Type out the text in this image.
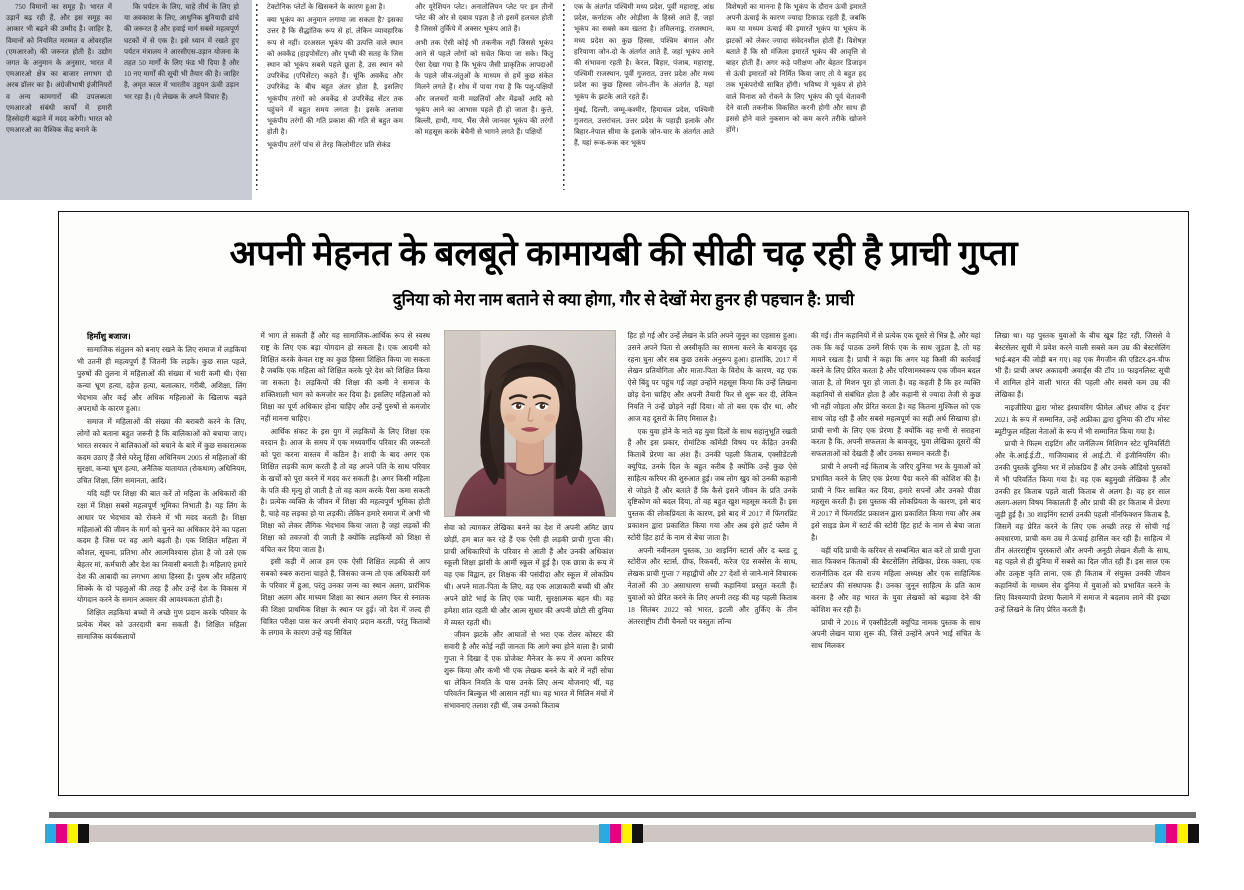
750 विमानों का समूह है। भारत में उड़ानें बढ़ रही हैं, और इस समूह का आकार भी बढ़ने की उम्मीद है। जाहिर है, विमानों को नियमित मरम्मत व ओवरहॉल (एमआरओ) की जरूरत होती है। उद्योग जगत के अनुमान के अनुसार, भारत में एमआरओ क्षेत्र का बाजार लगभग दो अरब डॉलर का है। अंग्रेजीभाषी इंजीनियरों व अन्य कामगारों की उपलब्धता एमआरओ संबंधी कार्यों में हमारी हिस्सेदारी बढ़ाने में मदद करेगी। भारत को एमआरओ का वैश्विक केंद्र बनाने के

कि पर्यटन के लिए, चाहे तीर्थ के लिए हो या अवकाश के लिए, आधुनिक बुनियादी ढांचे की जरूरत है और हवाई मार्ग सबसे महत्वपूर्ण घटकों में से एक है। इसे ध्यान में रखते हुए पर्यटन मंत्रालय ने आरसीएस-उड़ान योजना के तहत 50 मार्गों के लिए फंड भी दिया है और 10 नए मार्गों की सूची भी तैयार की है। जाहिर है, अमृत काल में भारतीय उड्डयन ऊंची उड़ान भर रहा है। (ये लेखक के अपने विचार हैं)

टेक्टोनिक प्लेटों के खिसकने के कारण हुआ है।

क्या भूकंप का अनुमान लगाया जा सकता है? इसका उत्तर है कि सैद्धांतिक रूप से हां, लेकिन व्यावहारिक रूप से नहीं। दरअसल भूकंप की उत्पत्ति वाले स्थान को अवकेंद्र (हाइपोसेंटर) और पृथ्वी की सतह के जिस स्थान को भूकंप सबसे पहले छूता है, उस स्थान को उपरिकेंद्र (एपिसेंटर) कहते हैं। चूंकि अवकेंद्र और उपरिकेंद्र के बीच बहुत अंतर होता है, इसलिए भूकंपीय तरंगों को अवकेंद्र से उपरिकेंद्र सेंटर तक पहुंचने में बहुत समय लगता है। इसके अलावा भूकंपीय तरंगों की गति प्रकाश की गति से बहुत कम होती है।

भूकंपीय तरंगें पांच से तेरह किलोमीटर प्रति सेकंड

और यूरेशियन प्लेट। अनातोलियन प्लेट पर इन तीनों प्लेट की ओर से दबाव पड़ता है तो इसमें हलचल होती है जिससे तुर्किये में अक्सर भूकंप आते हैं।

अभी तक ऐसी कोई भी तकनीक नहीं जिससे भूकंप आने से पहले लोगों को सचेत किया जा सके। किंतु ऐसा देखा गया है कि भूकंप जैसी प्राकृतिक आपदाओं के पहले जीव-जंतुओं के माध्यम से हमें कुछ संकेत मिलने लगते हैं। शोध में पाया गया है कि पशु-पक्षियों और जलचरों यानी मछलियों और मेंढकों आदि को भूकंप आने का आभास पहले ही हो जाता है। कुत्ते, बिल्ली, हाथी, गाय, भैंस जैसे जानवर भूकंप की तरंगों को महसूस करके बेचैनी से भागने लगते हैं। पक्षियों

एक के अंतर्गत पश्चिमी मध्य प्रदेश, पूर्वी महाराष्ट्र, आंध्र प्रदेश, कर्नाटक और ओड़ीशा के हिस्से आते हैं, जहां भूकंप का सबसे कम खतरा है। तमिलनाडु, राजस्थान, मध्य प्रदेश का कुछ हिस्सा, पश्चिम बंगाल और हरियाणा जोन-दो के अंतर्गत आते हैं, जहां भूकंप आने की संभावना रहती है। केरल, बिहार, पंजाब, महाराष्ट्र, पश्चिमी राजस्थान, पूर्वी गुजरात, उत्तर प्रदेश और मध्य प्रदेश का कुछ हिस्सा जोन-तीन के अंतर्गत है, यहां भूकंप के झटके आते रहते हैं।

मुंबई, दिल्ली, जम्मू-कश्मीर, हिमाचल प्रदेश, पश्चिमी गुजरात, उत्तरांचल, उत्तर प्रदेश के पहाड़ी इलाके और बिहार-नेपाल सीमा के इलाके जोन-चार के अंतर्गत आते हैं, यहां रूक-रूक कर भूकंप

विशेषज्ञों का मानना है कि भूकंप के दौरान ऊंची इमारतें अपनी ऊंचाई के कारण ज्यादा टिकाऊ रहती हैं, जबकि कम या मध्यम ऊंचाई की इमारतें भूकंप या भूकंप के झटकों को लेकर ज्यादा संवेदनशील होती हैं। विशेषज्ञ बताते हैं कि सौ मंजिला इमारतें भूकंप की आवृत्ति से बाहर होती हैं। अगर कड़े परीक्षण और बेहतर डिजाइन से ऊंची इमारतों को निर्मित किया जाए तो ये बहुत हद तक भूकंपरोधी साबित होंगी। भविष्य में भूकंप से होने वाले विनाश को रोकने के लिए भूकंप की पूर्व चेतावनी देने वाली तकनीक विकसित करनी होगी और साथ ही इससे होने वाले नुकसान को कम करने तरीके खोजने होंगे।

अपनी मेहनत के बलबूते कामायबी की सीढी चढ़ रही है प्राची गुप्ता
दुनिया को मेरा नाम बताने से क्या होगा, गौर से देखों मेरा हुनर ही पहचान है: प्राची

हिमाँशु बजाज।

सामाजिक संतुलन को बनाए रखने के लिए समाज में लड़कियां भी उतनी ही महत्वपूर्ण हैं जितनी कि लड़के। कुछ साल पहले, पुरुषों की तुलना में महिलाओं की संख्या में भारी कमी थी। ऐसा कन्या भ्रूण हत्या, दहेज हत्या, बलात्कार, गरीबी, अशिक्षा, लिंग भेदभाव और कई और अधिक महिलाओं के खिलाफ बढ़ते अपराधों के कारण हुआ।

समाज में महिलाओं की संख्या की बराबरी करने के लिए, लोगों को बताना बहुत जरूरी है कि बालिकाओं को बचाया जाए। भारत सरकार ने बालिकाओं को बचाने के बारे में कुछ सकारात्मक कदम उठाए हैं जैसे घरेलू हिंसा अधिनियम 2005 से महिलाओं की सुरक्षा, कन्या भ्रूण हत्या, अनैतिक यातायात (रोकथाम) अधिनियम, उचित शिक्षा, लिंग समानता, आदि।

यदि यहीं पर शिक्षा की बात करें तो महिला के अधिकारों की रक्षा में शिक्षा सबसे महत्वपूर्ण भूमिका निभाती है। यह लिंग के आधार पर भेदभाव को रोकने में भी मदद करती है। शिक्षा महिलाओं की जीवन के मार्ग को चुनने का अधिकार देने का पहला कदम है जिस पर वह आगे बढ़ती है। एक शिक्षित महिला में कौशल, सूचना, प्रतिभा और आत्मविश्वास होता है जो उसे एक बेहतर मां, कर्मचारी और देश का निवासी बनाती है। महिलाएं हमारे देश की आबादी का लगभग आधा हिस्सा हैं। पुरुष और महिलाएं सिक्के के दो पहलुओं की तरह हैं और उन्हें देश के विकास में योगदान करने के समान अवसर की आवश्यकता होती है।

शिक्षित लड़कियां बच्चों में अच्छे गुण प्रदान करके परिवार के प्रत्येक मेंबर को उतरदायी बना सकती हैं। शिक्षित महिला सामाजिक कार्यकलापों

में भाग ले सकती हैं और यह सामाजिक-आर्थिक रूप से स्वस्थ राष्ट्र के लिए एक बड़ा योगदान हो सकता है। एक आदमी को शिक्षित करके केवल राष्ट्र का कुछ हिस्सा शिक्षित किया जा सकता है जबकि एक महिला को शिक्षित करके पूरे देश को शिक्षित किया जा सकता है। लड़कियों की शिक्षा की कमी ने समाज के शक्तिशाली भाग को कमजोर कर दिया है। इसलिए महिलाओं को शिक्षा का पूर्ण अधिकार होना चाहिए और उन्हें पुरुषों से कमजोर नहीं मानना चाहिए।

आर्थिक संकट के इस युग में लड़कियों के लिए शिक्षा एक वरदान है। आज के समय में एक मध्यवर्गीय परिवार की जरूरतों को पूरा करना वास्तव में कठिन है। शादी के बाद अगर एक शिक्षित लड़की काम करती है तो वह अपने पति के साथ परिवार के खर्चों को पूरा करने में मदद कर सकती है। अगर किसी महिला के पति की मृत्यु हो जाती है तो वह काम करके पैसा कमा सकती है। प्रत्येक व्यक्ति के जीवन में शिक्षा की महत्वपूर्ण भूमिका होती है, चाहे वह लड़का हो या लड़की। लेकिन हमारे समाज में अभी भी शिक्षा को लेकर लैंगिक भेदभाव किया जाता है जहां लड़कों की शिक्षा को तवज्जो दी जाती है क्योंकि लड़कियों को शिक्षा से वंचित कर दिया जाता है।

इसी कड़ी में आज हम एक ऐसी शिक्षित लड़की से आप सबको रुबरु कराना चाहते हैं, जिसका जन्म तो एक अधिकारी वर्ग के परिवार में हुआ, परंतु उनका जन्म का स्थान अलग, प्रारंभिक शिक्षा अलग और माध्यम शिक्षा का स्थान अलग फिर से स्नातक की शिक्षा प्राथमिक शिक्षा के स्थान पर हुई। जो देश में जल्द ही चित्रित परीक्षा पास कर अपनी सेवाएं प्रदान करती, परंतु किताबों के लगाव के कारण उन्हें यह सिविल

सेवा को त्यागकर लेखिका बनने का देश में अपनी अमिट छाप छोड़ीं, हम बात कर रहे हैं एक ऐसी ही लड़की प्राची गुप्ता की। प्राची अधिकारियों के परिवार से आती हैं और उनकी अधिकांश स्कूली शिक्षा झांसी के आर्मी स्कूल में हुई है। एक छात्रा के रूप में वह एक विद्वान, हर शिक्षक की पसंदीदा और स्कूल में लोकप्रिय थी। अपने माता-पिता के लिए, वह एक आज्ञाकारी बच्ची थी और अपने छोटे भाई के लिए एक प्यारी, सुरक्षात्मक बहन थी। वह हमेशा शांत रहती थी और आत्म सुधार की अपनी छोटी सी दुनिया में व्यस्त रहती थी।

जीवन झटके और आघातों से भरा एक रोलर कोस्टर की सवारी है और कोई नहीं जानता कि आगे क्या होने वाला है। प्राची गुप्ता ने दिखा दें एक प्रोजेक्ट मैनेजर के रूप में अपना करियर शुरू किया और कभी भी एक लेखक बनने के बारे में नहीं सोचा था लेकिन नियति के पास उनके लिए अन्य योजनाएं थीं, यह परिवर्तन बिल्कुल भी आसान नहीं था। वह भारत में मिलिन मंचों में संभावनाएं तलाश रही थीं, जब उनको किताब

हिट हो गई और उन्हें लेखन के प्रति अपने जुनून का एहसास हुआ। उसने अपने पिता से अस्वीकृति का सामना करने के बावजूद दृढ़ रहना चुना और सब कुछ उसके अनुरूप हुआ। हालांकि, 2017 में लेखन प्रतियोगिता और माता-पिता के विरोध के कारण, वह एक ऐसे बिंदु पर पहुंच गईं जहां उन्होंने महसूस किया कि उन्हें लिखना छोड़ देना चाहिए और अपनी तैयारी फिर से शुरू कर दी, लेकिन नियति ने उन्हें छोड़ने नहीं दिया। वो तो बस एक दौर था, और आज वह दूसरों के लिए मिसाल है।

एक युवा होने के नाते वह युवा दिलों के साथ सहानुभूति रखती हैं और इस प्रकार, रोमांटिक कॉमेडी विषय पर केंद्रित उनकी किताबें प्रेरणा का अंश हैं। उनकी पहली किताब, एक्सीडेंटली क्यूपिड, उनके दिल के बहुत करीब है क्योंकि उन्हें कुछ ऐसे साहित्य करियर की शुरुआत हुई। जब लोग खुद को उनकी कहानी से जोड़ते हैं और बताते हैं कि कैसे इसने जीवन के प्रति उनके दृष्टिकोण को बदल दिया, तो वह बहुत खुश महसूस करती हैं। इस पुस्तक की लोकप्रियता के कारण, इसे बाद में 2017 में फिंगरप्रिंट प्रकाशन द्वारा प्रकाशित किया गया और अब इसे हार्ट फ्लैम में स्टोरी हिट हार्ट के नाम से बेचा जाता है।

अपनी नवीनतम पुस्तक, 30 शाइनिंग स्टार्स और द ब्लड टू स्टोरीज और स्टार्स, ग्रीफ, रिकवरी, करेज एंड सक्सेस के साथ, लेखक प्राची गुप्ता 7 महाद्वीपों और 27 देशों से जाने-माने विचारक नेताओं की 30 असाधारण सच्ची कहानियां प्रस्तुत करती हैं। युवाओं को प्रेरित करने के लिए अपनी तरह की यह पहली किताब 18 सितंबर 2022 को भारत, इटली और तुर्किए के तीन अंतरराष्ट्रीय टीवी चैनलों पर वस्तुतः लॉन्च

की गई। तीन कहानियों में से प्रत्येक एक दूसरे से भिन्न है, और यहां तक कि कई पाठक उनमें सिर्फ एक के साथ जुड़ता है, तो यह मायने रखता है। प्राची ने कहा कि अगर यह किसी की कार्रवाई करने के लिए प्रेरित करता है और परिणामस्वरूप एक जीवन बदल जाता है, तो मिशन पूरा हो जाता है। वह कहती हैं कि हर व्यक्ति कहानियों से संबंधित होता है और कहानी से ज्यादा तेजी से कुछ भी नहीं जोड़ता और प्रेरित करता है। यह कितना मुश्किल को एक साथ जोड़ रही हैं और सबसे महत्वपूर्ण का सही अर्थ सिखाया हो। प्राची सभी के लिए एक प्रेरणा हैं क्योंकि वह सभी से सराहना करता है कि, अपनी सफलता के बावजूद, युवा लेखिका दूसरों की सफलताओं को देखती हैं और उनका सम्मान करती हैं।

प्राची ने अपनी नई किताब के जरिए दुनिया भर के युवाओं को प्रभावित करने के लिए एक प्रेरणा पैदा करने की कोशिश की है। प्राची ने फिर साबित कर दिया, हमारे सपनों और उनको पीछा महसूस करती हैं। इस पुस्तक की लोकप्रियता के कारण, इसे बाद में 2017 में फिंगरप्रिंट प्रकाशन द्वारा प्रकाशित किया गया और अब इसे साइड फ्रेम में स्टार्ट की स्टोरी हिट हार्ट के नाम से बेचा जाता है।

वहीं यदि प्राची के करियर से सम्बन्धित बात करें तो प्राची गुप्ता सात फिक्शन किताबों की बेस्टसेलिंग लेखिका, प्रेरक वक्ता, एक राजनीतिक दल की राज्य महिला अध्यक्ष और एक साहित्यिक स्टार्टअप की संस्थापक हैं। उनका जुनून साहित्य के प्रति काम करना है और वह भारत के युवा लेखकों को बढ़ावा देने की कोशिश कर रही हैं।

प्राची ने 2016 में एक्सीडेंटली क्यूपिड नामक पुस्तक के साथ अपनी लेखन यात्रा शुरू की, जिसे उन्होंने अपने भाई संचित के साथ मिलकर

लिखा था। यह पुस्तक युवाओं के बीच खूब हिट रही, जिससे वे बेस्टसेलर सूची में प्रवेश करने वाली सबसे कम उम्र की बेस्टसेलिंग भाई-बहन की जोड़ी बन गए। वह एक मैगजीन की एडिटर-इन-चीफ भी हैं। प्राची अथर अकादमी अवार्ड्स की टॉप 10 फाइनलिस्ट सूची में शामिल होने वाली भारत की पहली और सबसे कम उम्र की लेखिका हैं।

नाइजीरिया द्वारा 'मोस्ट इंस्पायरिंग फीमेल ऑथर ऑफ द ईयर' 2021 के रूप में सम्मानित, उन्हें अफ्रीका द्वारा दुनिया की टॉप मोस्ट ब्यूटीफुल महिला नेताओं के रूप में भी सम्मानित किया गया है।

प्राची ने फिल्म राइटिंग और जर्नलिज्म मिशिगन स्टेट यूनिवर्सिटी और के.आई.ई.टी., गाजियाबाद से आई.टी. में इंजीनियरिंग की। उनकी पुस्तकें दुनिया भर में लोकप्रिय हैं और उनके ऑडियो पुस्तकों में भी परिवर्तित किया गया है। वह एक बहुमुखी लेखिका हैं और उनकी हर किताब पहले वाली किताब से अलग है। वह हर साल अलग-अलग विषय निकालती हैं और प्राची की हर किताब में प्रेरणा जुड़ी हुई है। 30 शाइनिंग स्टार्स उनकी पहली नॉनफिक्शन किताब है, जिसमें वह प्रेरित करने के लिए एक अच्छी तरह से सोची गई अवधारणा, प्राची कम उम्र में ऊंचाई हासिल कर रही हैं। साहित्य में तीन अंतरराष्ट्रीय पुरस्कारों और अपनी अनूठी लेखन शैली के साथ, वह पहले से ही दुनिया में सबसे का दिल जीत रही हैं। इस साल एक और उत्कृष्ट कृति लाना, एक ही किताब में संयुक्त उनकी जीवन कहानियों के माध्यम सेव दुनिया में युवाओं को प्रभावित करने के लिए विश्वव्यापी प्रेरणा फैलाने में समाज में बदलाव लाने की इच्छा उन्हें लिखने के लिए प्रेरित करती हैं।
